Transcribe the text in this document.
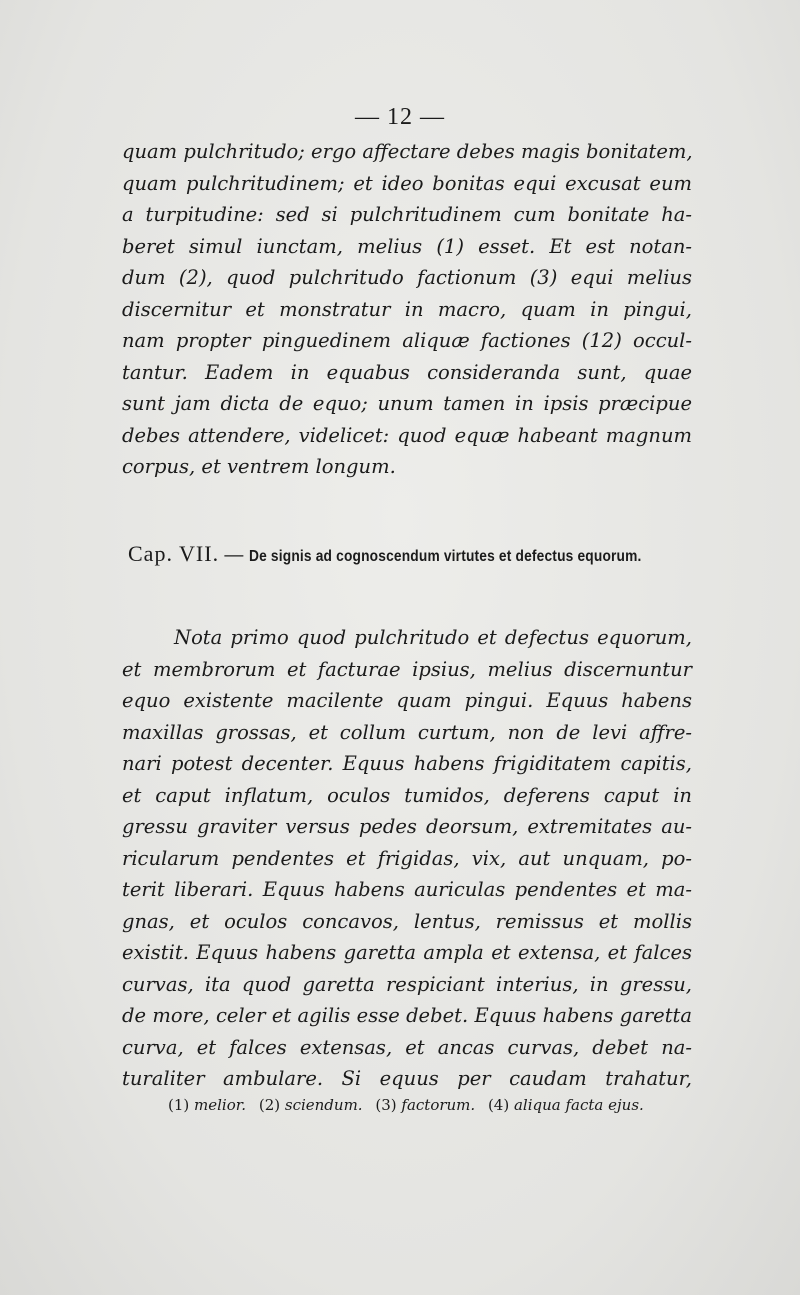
— 12 —
quam pulchritudo; ergo affectare debes magis bonitatem,
quam pulchritudinem; et ideo bonitas equi excusat eum
a turpitudine: sed si pulchritudinem cum bonitate ha-
beret simul iunctam, melius (1) esset. Et est notan-
dum (2), quod pulchritudo factionum (3) equi melius
discernitur et monstratur in macro, quam in pingui,
nam propter pinguedinem aliquæ factiones (12) occul-
tantur. Eadem in equabus consideranda sunt, quae
sunt jam dicta de equo; unum tamen in ipsis præcipue
debes attendere, videlicet: quod equæ habeant magnum
corpus, et ventrem longum.
Cap. VII. — De signis ad cognoscendum virtutes et defectus equorum.
Nota primo quod pulchritudo et defectus equorum,
et membrorum et facturae ipsius, melius discernuntur
equo existente macilente quam pingui. Equus habens
maxillas grossas, et collum curtum, non de levi affre-
nari potest decenter. Equus habens frigiditatem capitis,
et caput inflatum, oculos tumidos, deferens caput in
gressu graviter versus pedes deorsum, extremitates au-
ricularum pendentes et frigidas, vix, aut unquam, po-
terit liberari. Equus habens auriculas pendentes et ma-
gnas, et oculos concavos, lentus, remissus et mollis
existit. Equus habens garetta ampla et extensa, et falces
curvas, ita quod garetta respiciant interius, in gressu,
de more, celer et agilis esse debet. Equus habens garetta
curva, et falces extensas, et ancas curvas, debet na-
turaliter ambulare. Si equus per caudam trahatur,
(1) melior. (2) sciendum. (3) factorum. (4) aliqua facta ejus.
